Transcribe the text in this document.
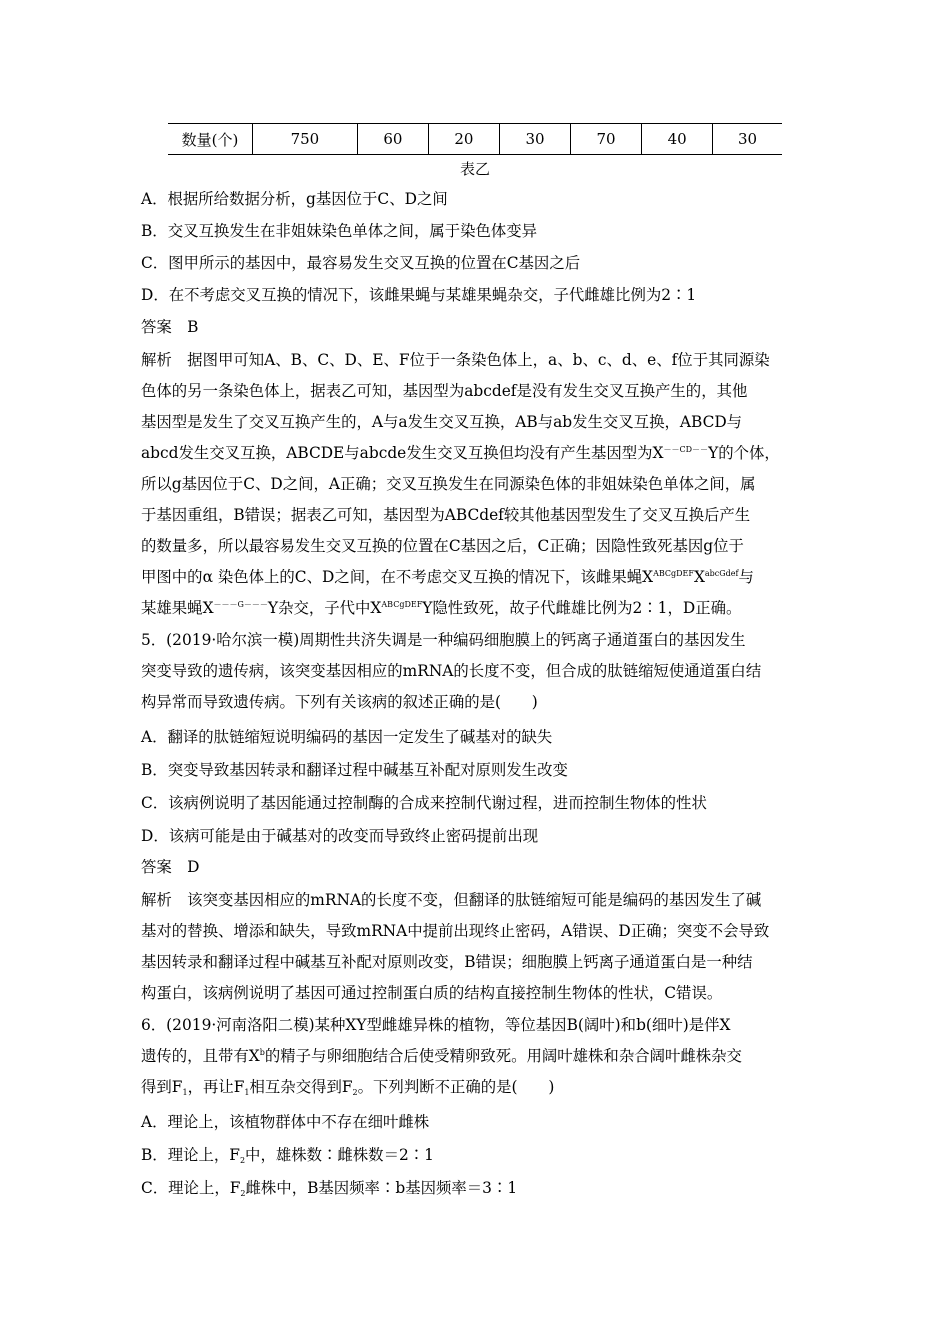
数量(个)	750	60	20	30	70	40	30
表乙
A．根据所给数据分析，g基因位于C、D之间
B．交叉互换发生在非姐妹染色单体之间，属于染色体变异
C．图甲所示的基因中，最容易发生交叉互换的位置在C基因之后
D．在不考虑交叉互换的情况下，该雌果蝇与某雄果蝇杂交，子代雌雄比例为2∶1
答案　B
解析　据图甲可知A、B、C、D、E、F位于一条染色体上，a、b、c、d、e、f位于其同源染
色体的另一条染色体上，据表乙可知，基因型为abcdef是没有发生交叉互换产生的，其他
基因型是发生了交叉互换产生的，A与a发生交叉互换，AB与ab发生交叉互换，ABCD与
abcd发生交叉互换，ABCDE与abcde发生交叉互换但均没有产生基因型为$X^{--CD--}Y$的个体，
所以g基因位于C、D之间，A正确；交叉互换发生在同源染色体的非姐妹染色单体之间，属
于基因重组，B错误；据表乙可知，基因型为ABCdef较其他基因型发生了交叉互换后产生
的数量多，所以最容易发生交叉互换的位置在C基因之后，C正确；因隐性致死基因g位于
甲图中的α 染色体上的C、D之间，在不考虑交叉互换的情况下，该雌果蝇$X^{ABCgDEF}X^{abcGdef}$与
某雄果蝇$X^{---G---}Y$杂交，子代中$X^{ABCgDEF}Y$隐性致死，故子代雌雄比例为2∶1，D正确。
5．(2019·哈尔滨一模)周期性共济失调是一种编码细胞膜上的钙离子通道蛋白的基因发生
突变导致的遗传病，该突变基因相应的mRNA的长度不变，但合成的肽链缩短使通道蛋白结
构异常而导致遗传病。下列有关该病的叙述正确的是(　　)
A．翻译的肽链缩短说明编码的基因一定发生了碱基对的缺失
B．突变导致基因转录和翻译过程中碱基互补配对原则发生改变
C．该病例说明了基因能通过控制酶的合成来控制代谢过程，进而控制生物体的性状
D．该病可能是由于碱基对的改变而导致终止密码提前出现
答案　D
解析　该突变基因相应的mRNA的长度不变，但翻译的肽链缩短可能是编码的基因发生了碱
基对的替换、增添和缺失，导致mRNA中提前出现终止密码，A错误、D正确；突变不会导致
基因转录和翻译过程中碱基互补配对原则改变，B错误；细胞膜上钙离子通道蛋白是一种结
构蛋白，该病例说明了基因可通过控制蛋白质的结构直接控制生物体的性状，C错误。
6．(2019·河南洛阳二模)某种XY型雌雄异株的植物，等位基因B(阔叶)和b(细叶)是伴X
遗传的，且带有$X^b$的精子与卵细胞结合后使受精卵致死。用阔叶雄株和杂合阔叶雌株杂交
得到$F_1$，再让$F_1$相互杂交得到$F_2$。下列判断不正确的是(　　)
A．理论上，该植物群体中不存在细叶雌株
B．理论上，$F_2$中，雄株数∶雌株数＝2∶1
C．理论上，$F_2$雌株中，B基因频率∶b基因频率＝3∶1
